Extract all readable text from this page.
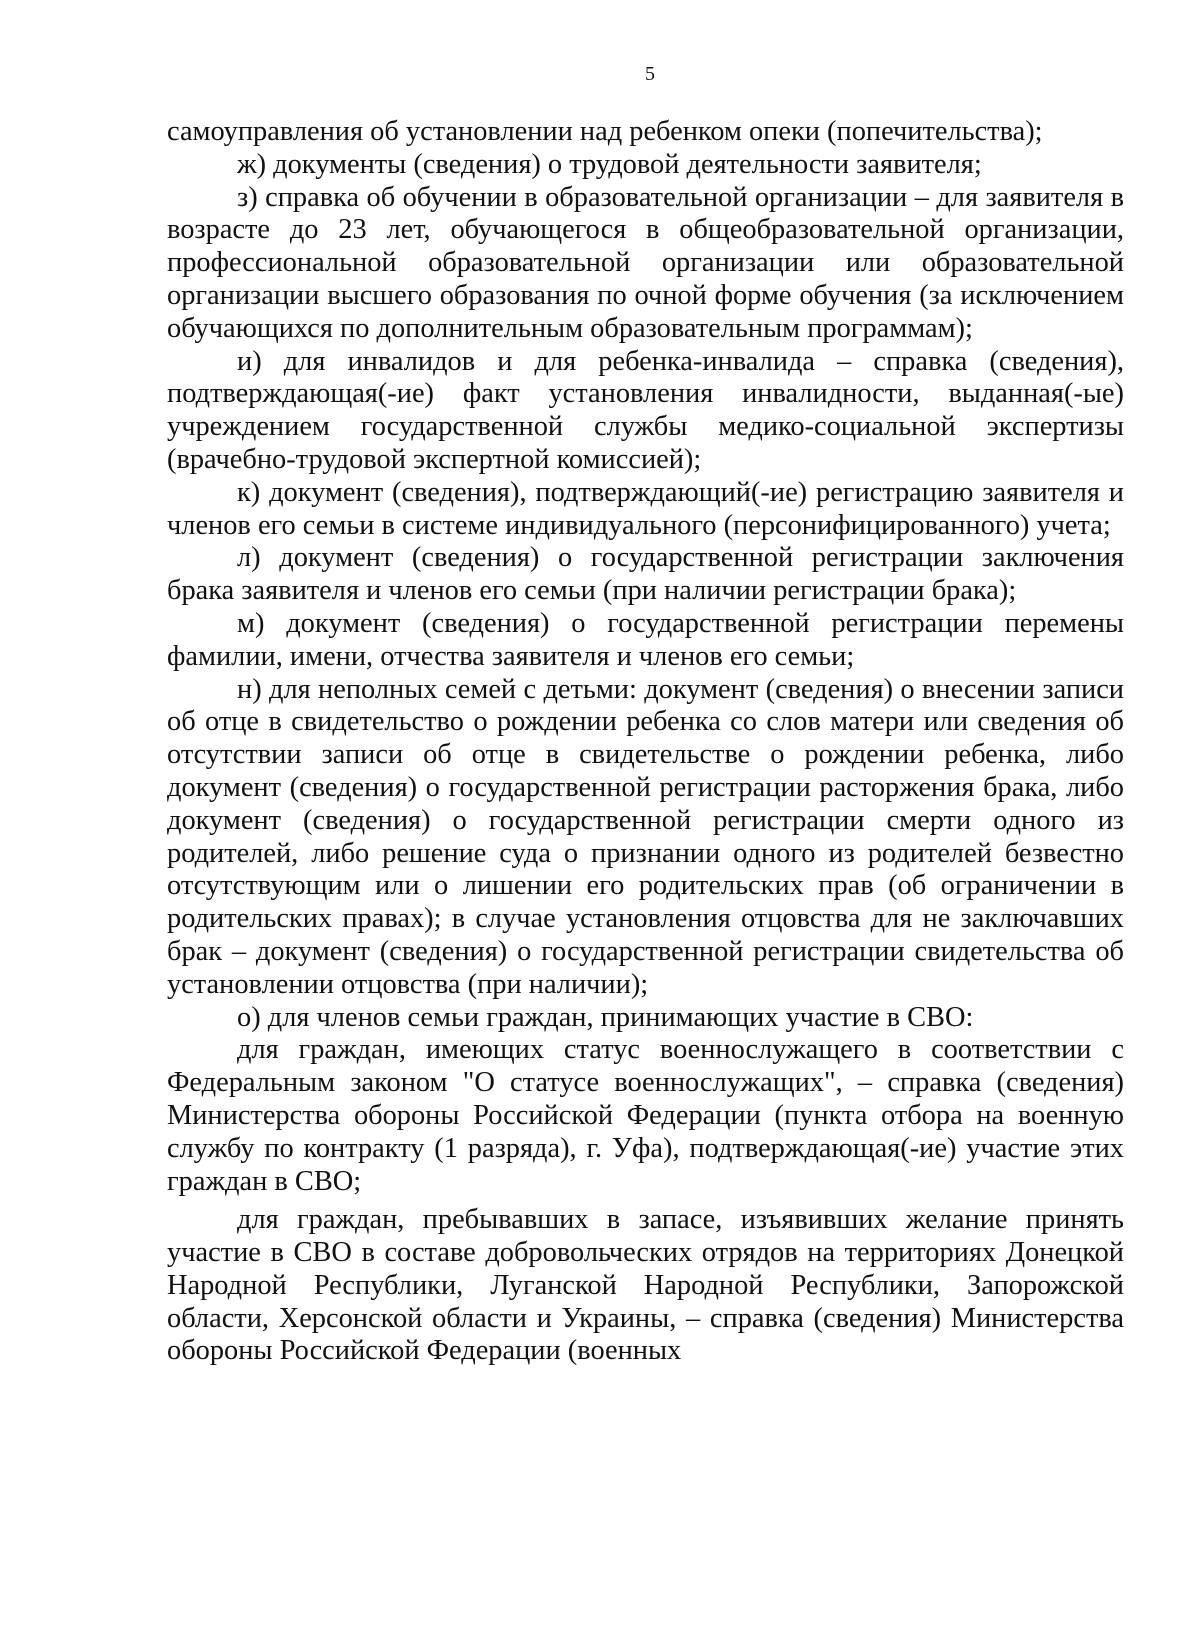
5

самоуправления об установлении над ребенком опеки (попечительства);

ж) документы (сведения) о трудовой деятельности заявителя;

з) справка об обучении в образовательной организации – для заявителя в возрасте до 23 лет, обучающегося в общеобразовательной организации, профессиональной образовательной организации или образовательной организации высшего образования по очной форме обучения (за исключением обучающихся по дополнительным образовательным программам);

и) для инвалидов и для ребенка-инвалида – справка (сведения), подтверждающая(-ие) факт установления инвалидности, выданная(-ые) учреждением государственной службы медико-социальной экспертизы (врачебно-трудовой экспертной комиссией);

к) документ (сведения), подтверждающий(-ие) регистрацию заявителя и членов его семьи в системе индивидуального (персонифицированного) учета;

л) документ (сведения) о государственной регистрации заключения брака заявителя и членов его семьи (при наличии регистрации брака);

м) документ (сведения) о государственной регистрации перемены фамилии, имени, отчества заявителя и членов его семьи;

н) для неполных семей с детьми: документ (сведения) о внесении записи об отце в свидетельство о рождении ребенка со слов матери или сведения об отсутствии записи об отце в свидетельстве о рождении ребенка, либо документ (сведения) о государственной регистрации расторжения брака, либо документ (сведения) о государственной регистрации смерти одного из родителей, либо решение суда о признании одного из родителей безвестно отсутствующим или о лишении его родительских прав (об ограничении в родительских правах); в случае установления отцовства для не заключавших брак – документ (сведения) о государственной регистрации свидетельства об установлении отцовства (при наличии);

о) для членов семьи граждан, принимающих участие в СВО:

для граждан, имеющих статус военнослужащего в соответствии с Федеральным законом "О статусе военнослужащих", – справка (сведения) Министерства обороны Российской Федерации (пункта отбора на военную службу по контракту (1 разряда), г. Уфа), подтверждающая(-ие) участие этих граждан в СВО;

для граждан, пребывавших в запасе, изъявивших желание принять участие в СВО в составе добровольческих отрядов на территориях Донецкой Народной Республики, Луганской Народной Республики, Запорожской области, Херсонской области и Украины, – справка (сведения) Министерства обороны Российской Федерации (военных
